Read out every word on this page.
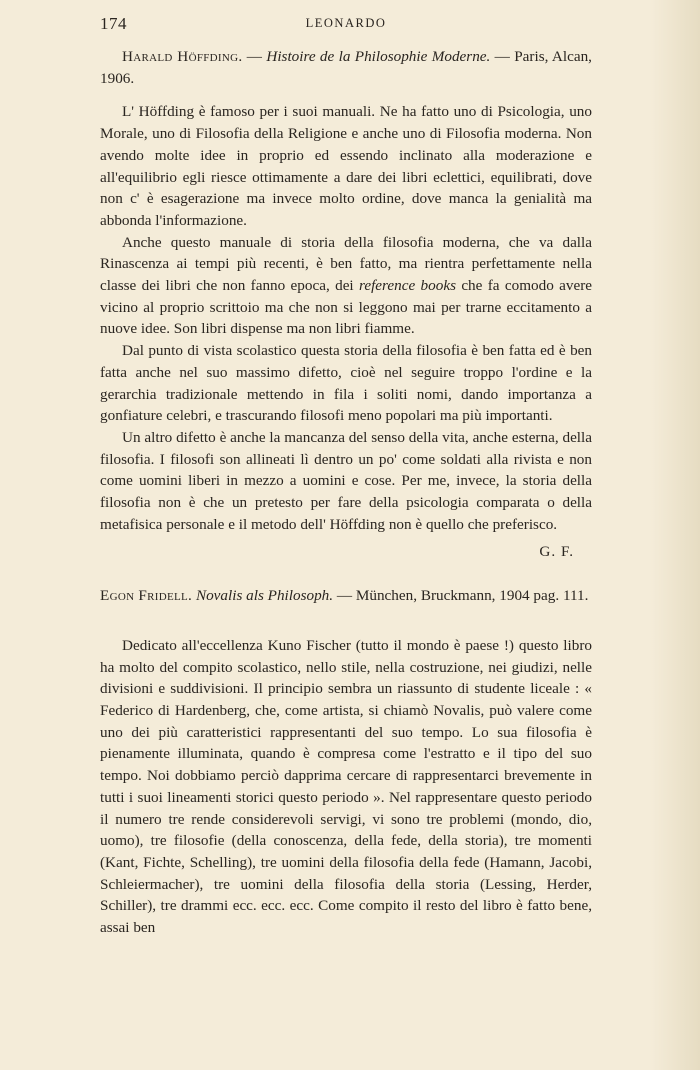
174	LEONARDO

Harald Höffding. — Histoire de la Philosophie Moderne. — Paris, Alcan, 1906.

L' Höffding è famoso per i suoi manuali. Ne ha fatto uno di Psicologia, uno Morale, uno di Filosofia della Religione e anche uno di Filosofia moderna. Non avendo molte idee in proprio ed essendo inclinato alla moderazione e all'equilibrio egli riesce ottimamente a dare dei libri eclettici, equilibrati, dove non c' è esagerazione ma invece molto ordine, dove manca la genialità ma abbonda l'informazione.

Anche questo manuale di storia della filosofia moderna, che va dalla Rinascenza ai tempi più recenti, è ben fatto, ma rientra perfettamente nella classe dei libri che non fanno epoca, dei reference books che fa comodo avere vicino al proprio scrittoio ma che non si leggono mai per trarne eccitamento a nuove idee. Son libri dispense ma non libri fiamme.

Dal punto di vista scolastico questa storia della filosofia è ben fatta ed è ben fatta anche nel suo massimo difetto, cioè nel seguire troppo l'ordine e la gerarchia tradizionale mettendo in fila i soliti nomi, dando importanza a gonfiature celebri, e trascurando filosofi meno popolari ma più importanti.

Un altro difetto è anche la mancanza del senso della vita, anche esterna, della filosofia. I filosofi son allineati lì dentro un po' come soldati alla rivista e non come uomini liberi in mezzo a uomini e cose. Per me, invece, la storia della filosofia non è che un pretesto per fare della psicologia comparata o della metafisica personale e il metodo dell' Höffding non è quello che preferisco.

G. F.

Egon Fridell. Novalis als Philosoph. — München, Bruckmann, 1904 pag. 111.

Dedicato all'eccellenza Kuno Fischer (tutto il mondo è paese !) questo libro ha molto del compito scolastico, nello stile, nella costruzione, nei giudizi, nelle divisioni e suddivisioni. Il principio sembra un riassunto di studente liceale : « Federico di Hardenberg, che, come artista, si chiamò Novalis, può valere come uno dei più caratteristici rappresentanti del suo tempo. Lo sua filosofia è pienamente illuminata, quando è compresa come l'estratto e il tipo del suo tempo. Noi dobbiamo perciò dapprima cercare di rappresentarci brevemente in tutti i suoi lineamenti storici questo periodo ». Nel rappresentare questo periodo il numero tre rende considerevoli servigi, vi sono tre problemi (mondo, dio, uomo), tre filosofie (della conoscenza, della fede, della storia), tre momenti (Kant, Fichte, Schelling), tre uomini della filosofia della fede (Hamann, Jacobi, Schleiermacher), tre uomini della filosofia della storia (Lessing, Herder, Schiller), tre drammi ecc. ecc. ecc. Come compito il resto del libro è fatto bene, assai ben
